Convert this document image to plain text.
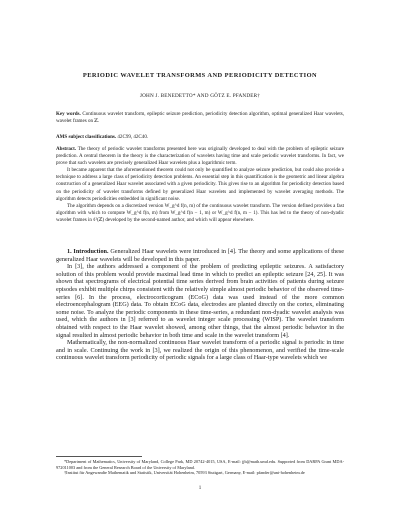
PERIODIC WAVELET TRANSFORMS AND PERIODICITY DETECTION
JOHN J. BENEDETTO* AND GÖTZ E. PFANDER†

Key words. Continuous wavelet transform, epileptic seizure prediction, periodicity detection algorithm, optimal generalized Haar wavelets, wavelet frames on ℤ.

AMS subject classifications. 42C99, 42C40.

Abstract. The theory of periodic wavelet transforms presented here was originally developed to deal with the problem of epileptic seizure prediction. A central theorem in the theory is the characterization of wavelets having time and scale periodic wavelet transforms. In fact, we prove that such wavelets are precisely generalized Haar wavelets plus a logarithmic term.

It became apparent that the aforementioned theorem could not only be quantified to analyze seizure prediction, but could also provide a technique to address a large class of periodicity detection problems. An essential step in this quantification is the geometric and linear algebra construction of a generalized Haar wavelet associated with a given periodicity. This gives rise to an algorithm for periodicity detection based on the periodicity of wavelet transforms defined by generalized Haar wavelets and implemented by wavelet averaging methods. The algorithm detects periodicities embedded in significant noise.

The algorithm depends on a discretized version W_g^d f(n, m) of the continuous wavelet transform. The version defined provides a fast algorithm with which to compute W_g^d f(n, m) from W_g^d f(n − 1, m) or W_g^d f(n, m − 1). This has led to the theory of non-dyadic wavelet frames in ℓ²(ℤ) developed by the second-named author, and which will appear elsewhere.

1. Introduction. Generalized Haar wavelets were introduced in [4]. The theory and some applications of these generalized Haar wavelets will be developed in this paper.

In [3], the authors addressed a component of the problem of predicting epileptic seizures. A satisfactory solution of this problem would provide maximal lead time in which to predict an epileptic seizure [24, 25]. It was shown that spectrograms of electrical potential time series derived from brain activities of patients during seizure episodes exhibit multiple chirps consistent with the relatively simple almost periodic behavior of the observed time-series [6]. In the process, electrocorticogram (ECoG) data was used instead of the more common electroencephalogram (EEG) data. To obtain ECoG data, electrodes are planted directly on the cortex, eliminating some noise. To analyze the periodic components in these time-series, a redundant non-dyadic wavelet analysis was used, which the authors in [3] referred to as wavelet integer scale processing (WISP). The wavelet transform obtained with respect to the Haar wavelet showed, among other things, that the almost periodic behavior in the signal resulted in almost periodic behavior in both time and scale in the wavelet transform [4].

Mathematically, the non-normalized continuous Haar wavelet transform of a periodic signal is periodic in time and in scale. Continuing the work in [3], we realized the origin of this phenomenon, and verified the time-scale continuous wavelet transform periodicity of periodic signals for a large class of Haar-type wavelets which we

*Department of Mathematics, University of Maryland, College Park, MD 20742-4015, USA, E-mail: jjb@math.umd.edu. Supported from DARPA Grant MDA-972011003 and from the General Research Board of the University of Maryland.

†Institut für Angewandte Mathematik und Statistik, Universität Hohenheim, 70593 Stuttgart, Germany, E-mail: pfander@uni-hohenheim.de

1
